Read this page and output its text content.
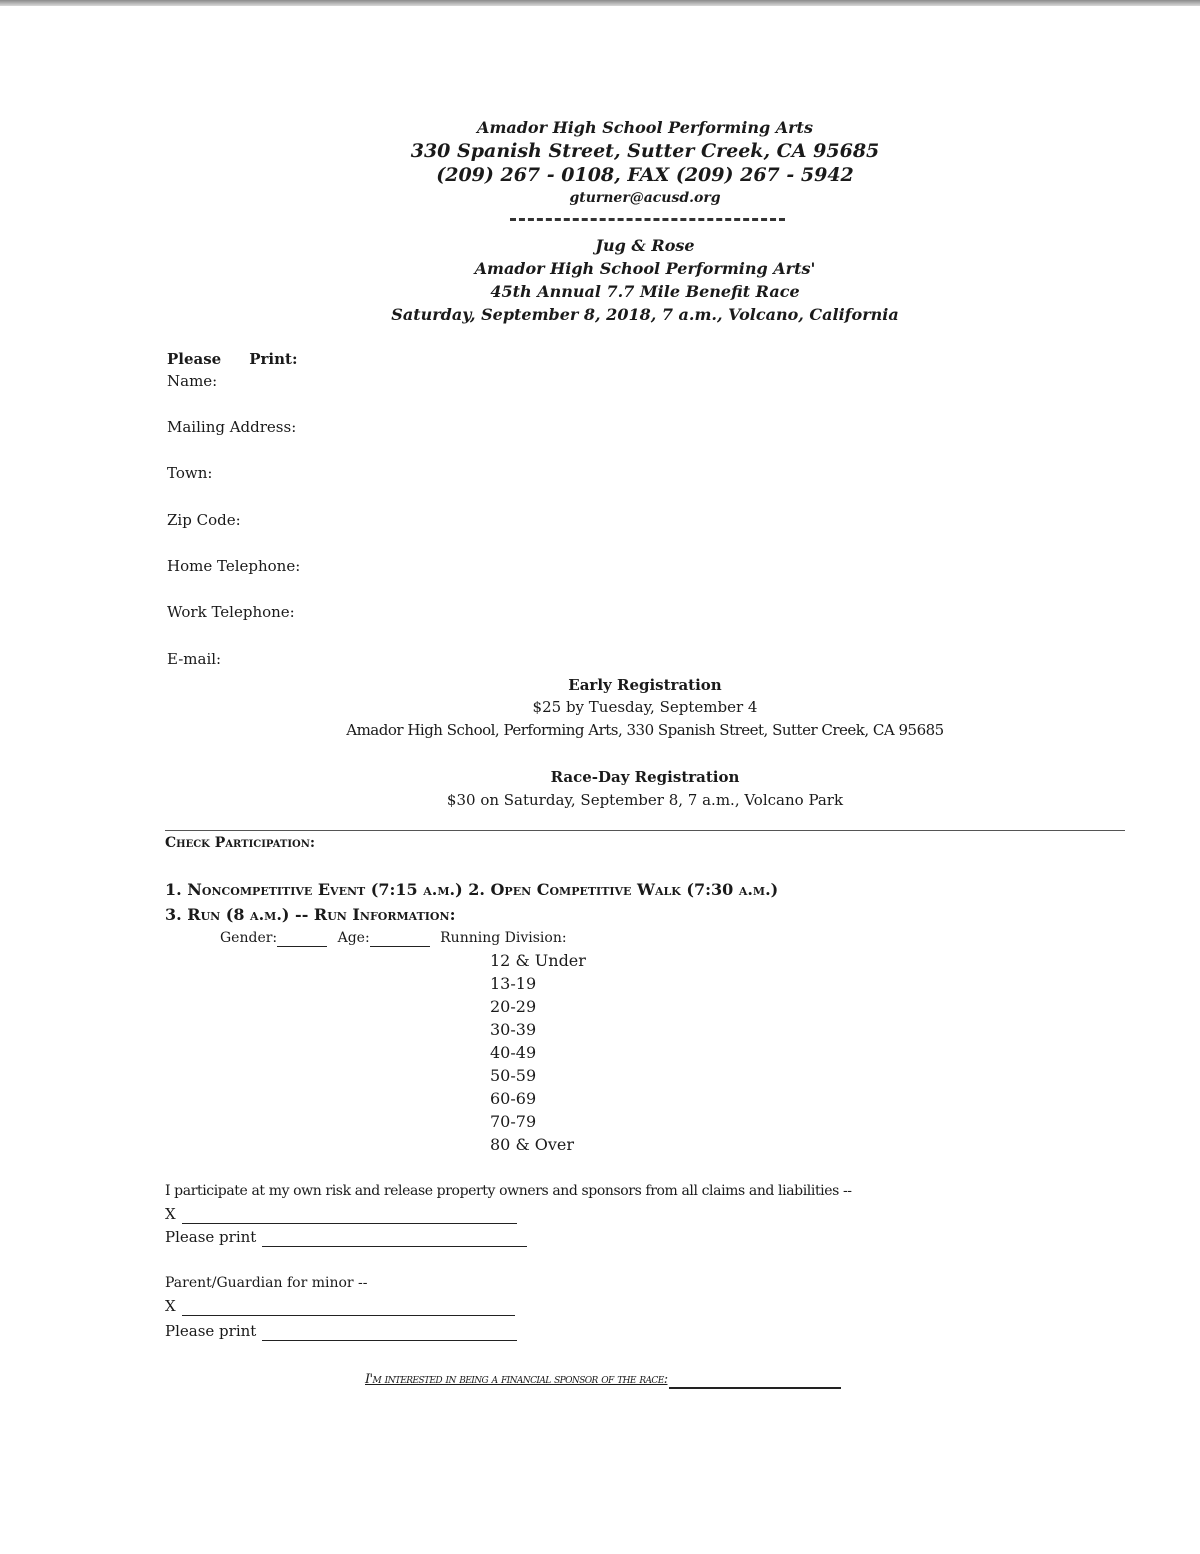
Amador High School Performing Arts
330 Spanish Street, Sutter Creek, CA 95685
(209) 267 - 0108, FAX (209) 267 - 5942
gturner@acusd.org
Jug & Rose
Amador High School Performing Arts'
45th Annual 7.7 Mile Benefit Race
Saturday, September 8, 2018, 7 a.m., Volcano, California
Please Print:
Name:
Mailing Address:
Town:
Zip Code:
Home Telephone:
Work Telephone:
E-mail:
Early Registration
$25 by Tuesday, September 4
Amador High School, Performing Arts, 330 Spanish Street, Sutter Creek, CA 95685
Race-Day Registration
$30 on Saturday, September 8, 7 a.m., Volcano Park
Check Participation:
1. Noncompetitive Event (7:15 a.m.) 2. Open Competitive Walk (7:30 a.m.)
3. Run (8 a.m.) -- Run Information:
Gender:	Age:	Running Division:
12 & Under
13-19
20-29
30-39
40-49
50-59
60-69
70-79
80 & Over
I participate at my own risk and release property owners and sponsors from all claims and liabilities --
X
Please print
Parent/Guardian for minor --
X
Please print
I'm interested in being a financial sponsor of the race:
